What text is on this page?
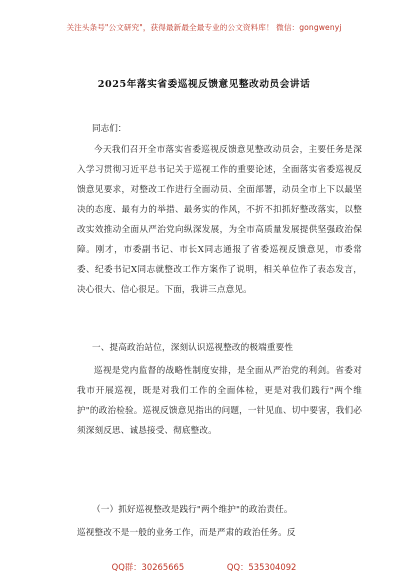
关注头条号"公文研究"，获得最新最全最专业的公文资料库！ 微信：gongwenyj
2025年落实省委巡视反馈意见整改动员会讲话
同志们：

今天我们召开全市落实省委巡视反馈意见整改动员会，主要任务是深入学习贯彻习近平总书记关于巡视工作的重要论述，全面落实省委巡视反馈意见要求，对整改工作进行全面动员、全面部署，动员全市上下以最坚决的态度、最有力的举措、最务实的作风，不折不扣抓好整改落实，以整改实效推动全面从严治党向纵深发展，为全市高质量发展提供坚强政治保障。刚才，市委副书记、市长X同志通报了省委巡视反馈意见，市委常委、纪委书记X同志就整改工作方案作了说明，相关单位作了表态发言，决心很大、信心很足。下面，我讲三点意见。

一、提高政治站位，深刻认识巡视整改的极端重要性

巡视是党内监督的战略性制度安排，是全面从严治党的利剑。省委对我市开展巡视，既是对我们工作的全面体检，更是对我们践行"两个维护"的政治检验。巡视反馈意见指出的问题，一针见血、切中要害，我们必须深刻反思、诚恳接受、彻底整改。

（一）抓好巡视整改是践行"两个维护"的政治责任。

巡视整改不是一般的业务工作，而是严肃的政治任务。反

QQ群：30265665	QQ：535304092
